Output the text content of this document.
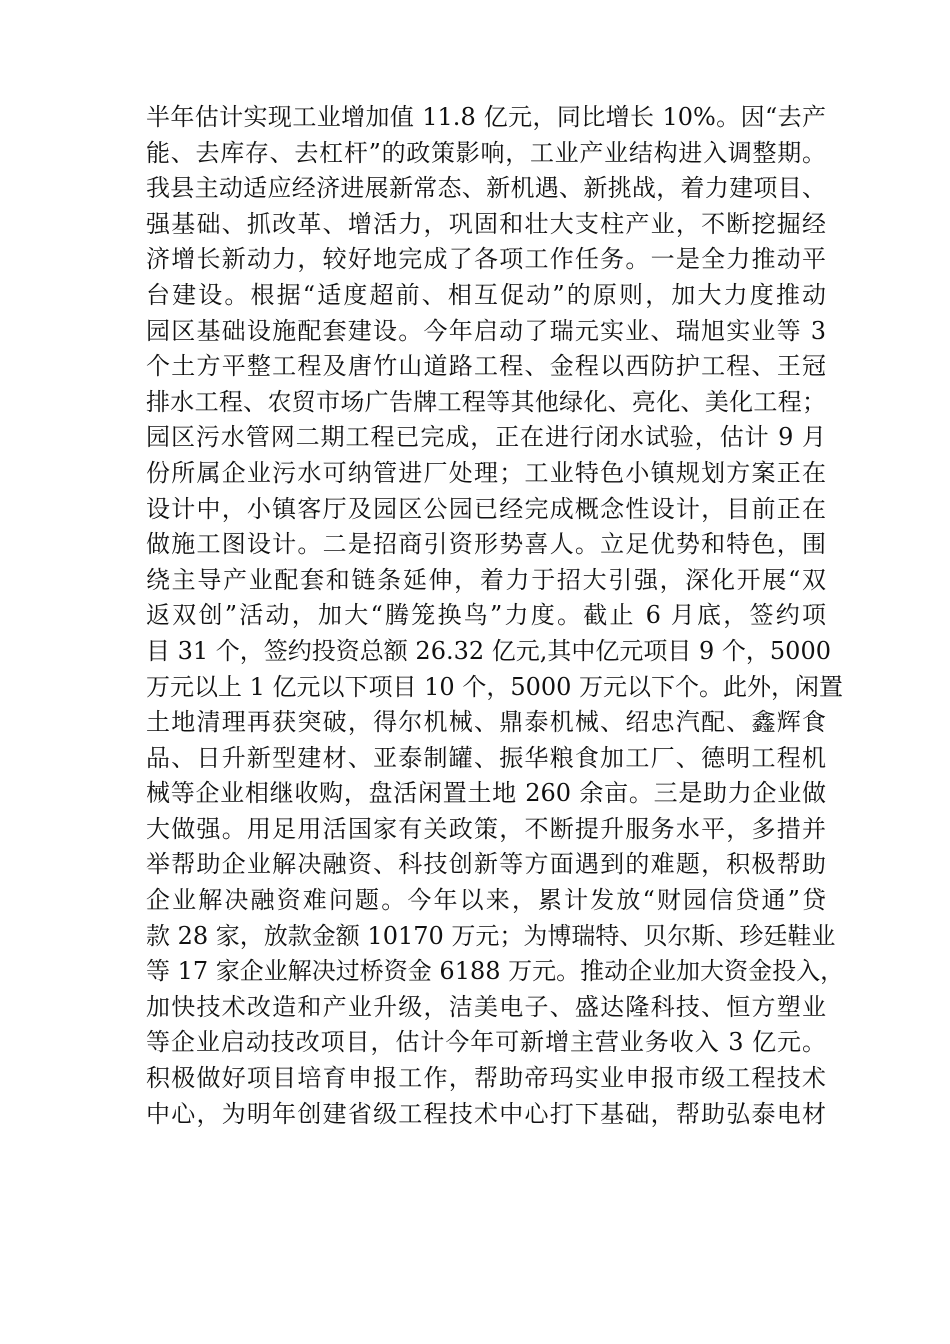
半年估计实现工业增加值 11.8 亿元，同比增长 10%。因“去产
能、去库存、去杠杆”的政策影响，工业产业结构进入调整期。
我县主动适应经济进展新常态、新机遇、新挑战，着力建项目、
强基础、抓改革、增活力，巩固和壮大支柱产业，不断挖掘经
济增长新动力，较好地完成了各项工作任务。一是全力推动平
台建设。根据“适度超前、相互促动”的原则，加大力度推动
园区基础设施配套建设。今年启动了瑞元实业、瑞旭实业等 3
个土方平整工程及唐竹山道路工程、金程以西防护工程、王冠
排水工程、农贸市场广告牌工程等其他绿化、亮化、美化工程；
园区污水管网二期工程已完成，正在进行闭水试验，估计 9 月
份所属企业污水可纳管进厂处理；工业特色小镇规划方案正在
设计中，小镇客厅及园区公园已经完成概念性设计，目前正在
做施工图设计。二是招商引资形势喜人。立足优势和特色，围
绕主导产业配套和链条延伸，着力于招大引强，深化开展“双
返双创”活动，加大“腾笼换鸟”力度。截止 6 月底，签约项
目 31 个，签约投资总额 26.32 亿元,其中亿元项目 9 个，5000
万元以上 1 亿元以下项目 10 个，5000 万元以下个。此外，闲置
土地清理再获突破，得尔机械、鼎泰机械、绍忠汽配、鑫辉食
品、日升新型建材、亚泰制罐、振华粮食加工厂、德明工程机
械等企业相继收购，盘活闲置土地 260 余亩。三是助力企业做
大做强。用足用活国家有关政策，不断提升服务水平，多措并
举帮助企业解决融资、科技创新等方面遇到的难题，积极帮助
企业解决融资难问题。今年以来，累计发放“财园信贷通”贷
款 28 家，放款金额 10170 万元；为博瑞特、贝尔斯、珍廷鞋业
等 17 家企业解决过桥资金 6188 万元。推动企业加大资金投入，
加快技术改造和产业升级，洁美电子、盛达隆科技、恒方塑业
等企业启动技改项目，估计今年可新增主营业务收入 3 亿元。
积极做好项目培育申报工作，帮助帝玛实业申报市级工程技术
中心，为明年创建省级工程技术中心打下基础，帮助弘泰电材
